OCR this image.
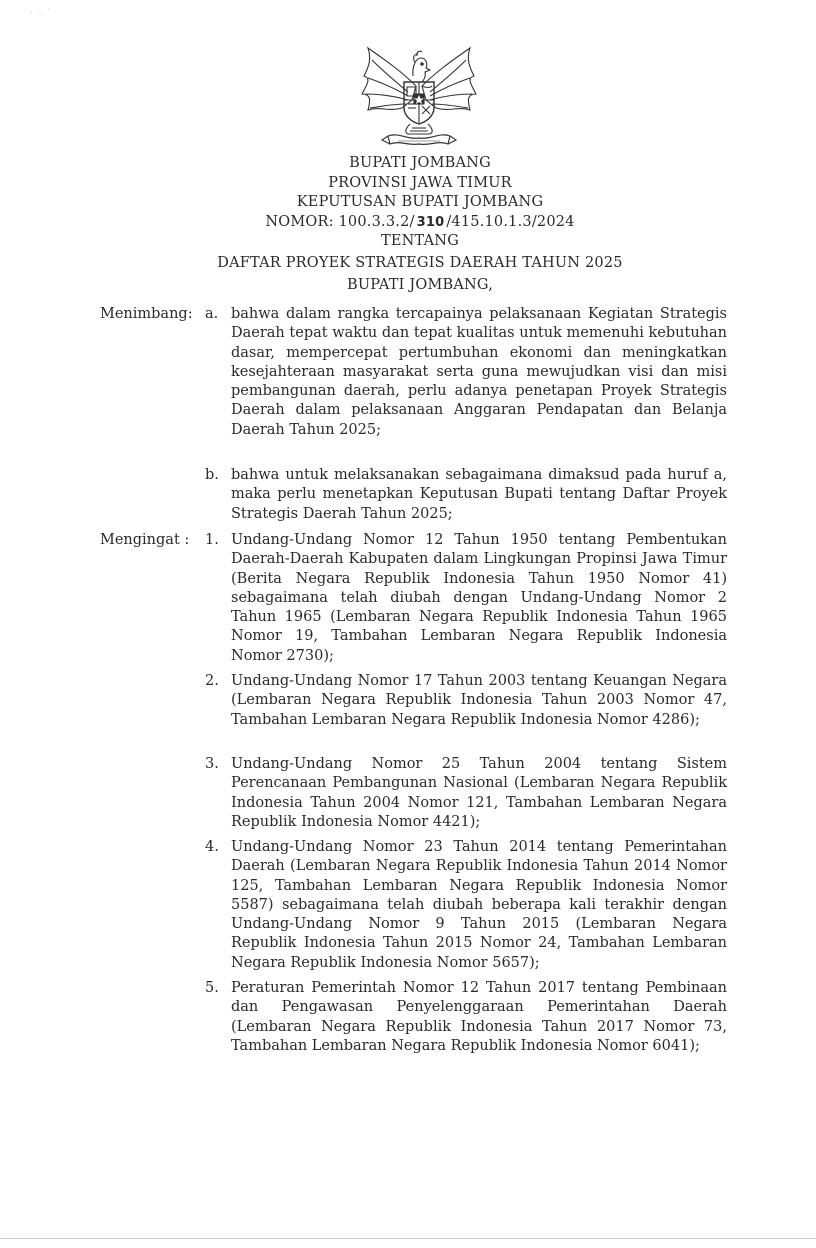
˙ ˙ˑ ˙
BUPATI JOMBANG
PROVINSI JAWA TIMUR
KEPUTUSAN BUPATI JOMBANG
NOMOR: 100.3.3.2/ 310 /415.10.1.3/2024
TENTANG
DAFTAR PROYEK STRATEGIS DAERAH TAHUN 2025
BUPATI JOMBANG,
Menimbang: a. bahwa dalam rangka tercapainya pelaksanaan Kegiatan Strategis Daerah tepat waktu dan tepat kualitas untuk memenuhi kebutuhan dasar, mempercepat pertumbuhan ekonomi dan meningkatkan kesejahteraan masyarakat serta guna mewujudkan visi dan misi pembangunan daerah, perlu adanya penetapan Proyek Strategis Daerah dalam pelaksanaan Anggaran Pendapatan dan Belanja Daerah Tahun 2025;
b. bahwa untuk melaksanakan sebagaimana dimaksud pada huruf a, maka perlu menetapkan Keputusan Bupati tentang Daftar Proyek Strategis Daerah Tahun 2025;
Mengingat : 1. Undang-Undang Nomor 12 Tahun 1950 tentang Pembentukan Daerah-Daerah Kabupaten dalam Lingkungan Propinsi Jawa Timur (Berita Negara Republik Indonesia Tahun 1950 Nomor 41) sebagaimana telah diubah dengan Undang-Undang Nomor 2 Tahun 1965 (Lembaran Negara Republik Indonesia Tahun 1965 Nomor 19, Tambahan Lembaran Negara Republik Indonesia Nomor 2730);
2. Undang-Undang Nomor 17 Tahun 2003 tentang Keuangan Negara (Lembaran Negara Republik Indonesia Tahun 2003 Nomor 47, Tambahan Lembaran Negara Republik Indonesia Nomor 4286);
3. Undang-Undang Nomor 25 Tahun 2004 tentang Sistem Perencanaan Pembangunan Nasional (Lembaran Negara Republik Indonesia Tahun 2004 Nomor 121, Tambahan Lembaran Negara Republik Indonesia Nomor 4421);
4. Undang-Undang Nomor 23 Tahun 2014 tentang Pemerintahan Daerah (Lembaran Negara Republik Indonesia Tahun 2014 Nomor 125, Tambahan Lembaran Negara Republik Indonesia Nomor 5587) sebagaimana telah diubah beberapa kali terakhir dengan Undang-Undang Nomor 9 Tahun 2015 (Lembaran Negara Republik Indonesia Tahun 2015 Nomor 24, Tambahan Lembaran Negara Republik Indonesia Nomor 5657);
5. Peraturan Pemerintah Nomor 12 Tahun 2017 tentang Pembinaan dan Pengawasan Penyelenggaraan Pemerintahan Daerah (Lembaran Negara Republik Indonesia Tahun 2017 Nomor 73, Tambahan Lembaran Negara Republik Indonesia Nomor 6041);
